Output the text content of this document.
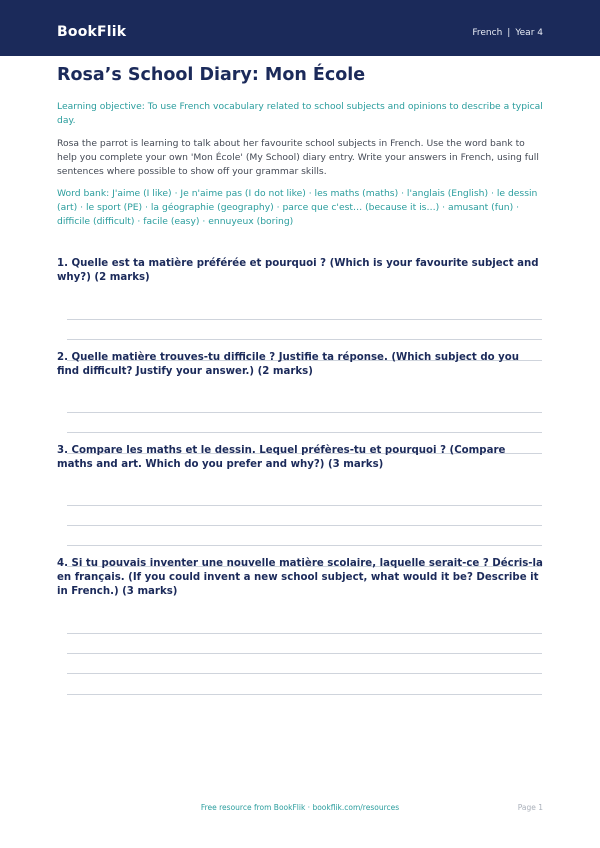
BookFlik	French | Year 4
Rosa’s School Diary: Mon École

Learning objective: To use French vocabulary related to school subjects and opinions to describe a typical day.

Rosa the parrot is learning to talk about her favourite school subjects in French. Use the word bank to help you complete your own 'Mon École' (My School) diary entry. Write your answers in French, using full sentences where possible to show off your grammar skills.

Word bank: J'aime (I like) · Je n'aime pas (I do not like) · les maths (maths) · l'anglais (English) · le dessin (art) · le sport (PE) · la géographie (geography) · parce que c'est… (because it is…) · amusant (fun) · difficile (difficult) · facile (easy) · ennuyeux (boring)

1. Quelle est ta matière préférée et pourquoi ? (Which is your favourite subject and why?) (2 marks)

2. Quelle matière trouves-tu difficile ? Justifie ta réponse. (Which subject do you find difficult? Justify your answer.) (2 marks)

3. Compare les maths et le dessin. Lequel préfères-tu et pourquoi ? (Compare maths and art. Which do you prefer and why?) (3 marks)

4. Si tu pouvais inventer une nouvelle matière scolaire, laquelle serait-ce ? Décris-la en français. (If you could invent a new school subject, what would it be? Describe it in French.) (3 marks)

Free resource from BookFlik · bookflik.com/resources	Page 1
